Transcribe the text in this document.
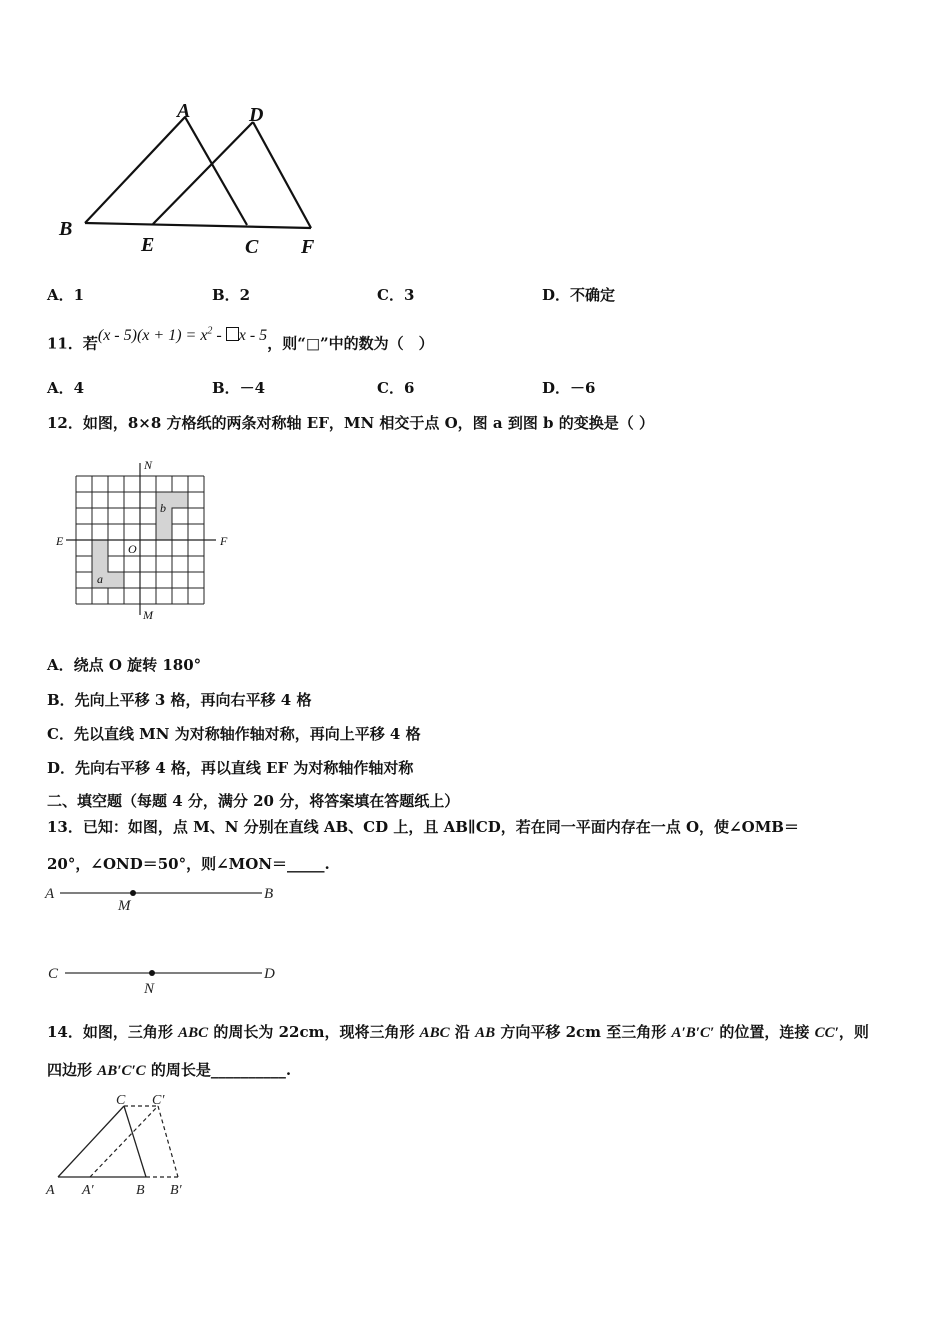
A	D
B
E	C F
A．1	B．2	C．3	D．不确定
11．若$(x - 5)(x + 1) = x^2 - x - 5$，则“□”中的数为（　）
A．4	B．－4	C．6	D．－6
12．如图，8×8 方格纸的两条对称轴 EF，MN 相交于点 O，图 a 到图 b 的变换是（ ）
N
M
E	F
O
a
b
A．绕点 O 旋转 180°
B．先向上平移 3 格，再向右平移 4 格
C．先以直线 MN 为对称轴作轴对称，再向上平移 4 格
D．先向右平移 4 格，再以直线 EF 为对称轴作轴对称
二、填空题（每题 4 分，满分 20 分，将答案填在答题纸上）
13．已知：如图，点 M、N 分别在直线 AB、CD 上，且 AB∥CD，若在同一平面内存在一点 O，使∠OMB＝
20°，∠OND＝50°，则∠MON＝_____.
A
M
B
C
N
D
14．如图，三角形 ABC 的周长为 22cm，现将三角形 ABC 沿 AB 方向平移 2cm 至三角形 A′B′C′ 的位置，连接 CC′，则
四边形 AB′C′C 的周长是__________.
C C′
A A′	B B′
